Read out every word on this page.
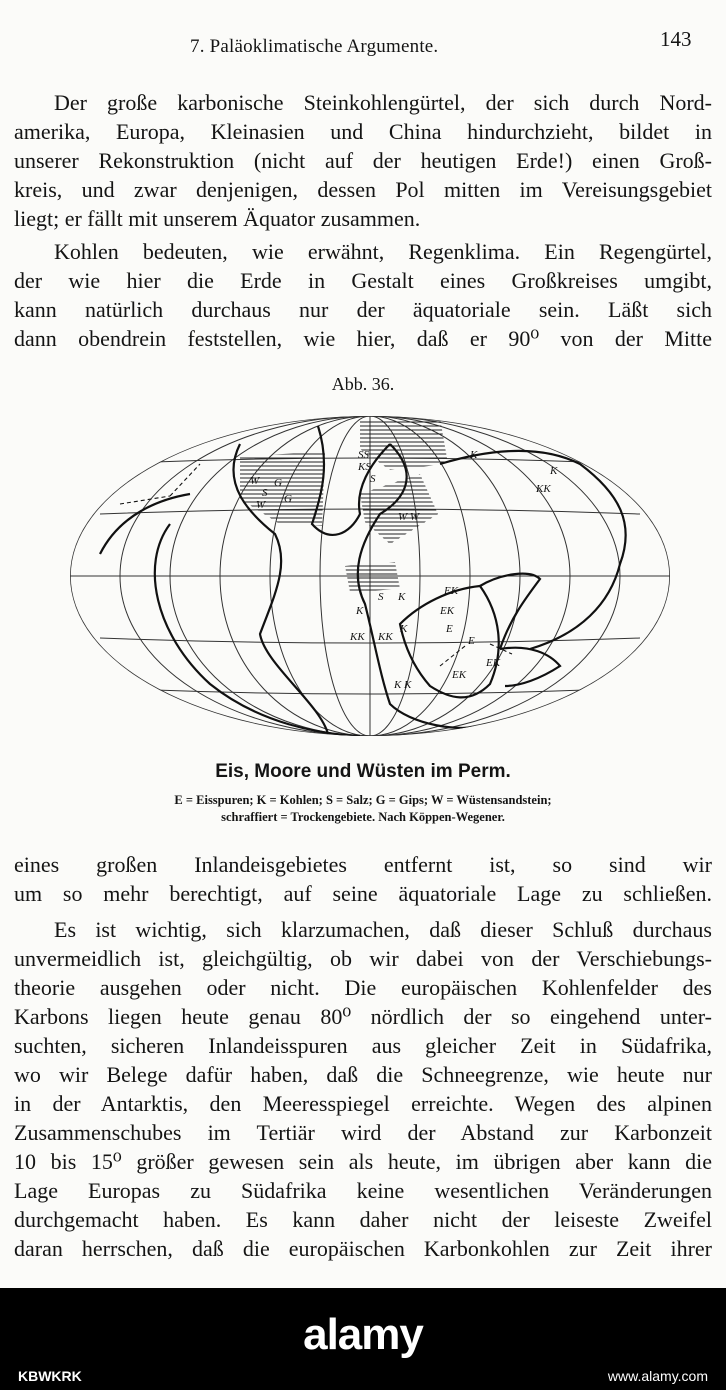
7. Paläoklimatische Argumente.	143
Der große karbonische Steinkohlengürtel, der sich durch Nord-
amerika, Europa, Kleinasien und China hindurchzieht, bildet in
unserer Rekonstruktion (nicht auf der heutigen Erde!) einen Groß-
kreis, und zwar denjenigen, dessen Pol mitten im Vereisungsgebiet
liegt; er fällt mit unserem Äquator zusammen.
Kohlen bedeuten, wie erwähnt, Regenklima. Ein Regengürtel,
der wie hier die Erde in Gestalt eines Großkreises umgibt,
kann natürlich durchaus nur der äquatoriale sein. Läßt sich
dann obendrein feststellen, wie hier, daß er 90⁰ von der Mitte
Abb. 36.
W
S
G
G
W
SS
KS
S
K
K
KK
W W
S K
K
KK KK
K
EK
EK
E
E
EK
EK
K K
Eis, Moore und Wüsten im Perm.
E = Eisspuren; K = Kohlen; S = Salz; G = Gips; W = Wüstensandstein;
schraffiert = Trockengebiete. Nach Köppen-Wegener.
eines großen Inlandeisgebietes entfernt ist, so sind wir
um so mehr berechtigt, auf seine äquatoriale Lage zu schließen.
Es ist wichtig, sich klarzumachen, daß dieser Schluß durchaus
unvermeidlich ist, gleichgültig, ob wir dabei von der Verschiebungs-
theorie ausgehen oder nicht. Die europäischen Kohlenfelder des
Karbons liegen heute genau 80⁰ nördlich der so eingehend unter-
suchten, sicheren Inlandeisspuren aus gleicher Zeit in Südafrika,
wo wir Belege dafür haben, daß die Schneegrenze, wie heute nur
in der Antarktis, den Meeresspiegel erreichte. Wegen des alpinen
Zusammenschubes im Tertiär wird der Abstand zur Karbonzeit
10 bis 15⁰ größer gewesen sein als heute, im übrigen aber kann die
Lage Europas zu Südafrika keine wesentlichen Veränderungen
durchgemacht haben. Es kann daher nicht der leiseste Zweifel
daran herrschen, daß die europäischen Karbonkohlen zur Zeit ihrer
alamy
KBWKRK	www.alamy.com
